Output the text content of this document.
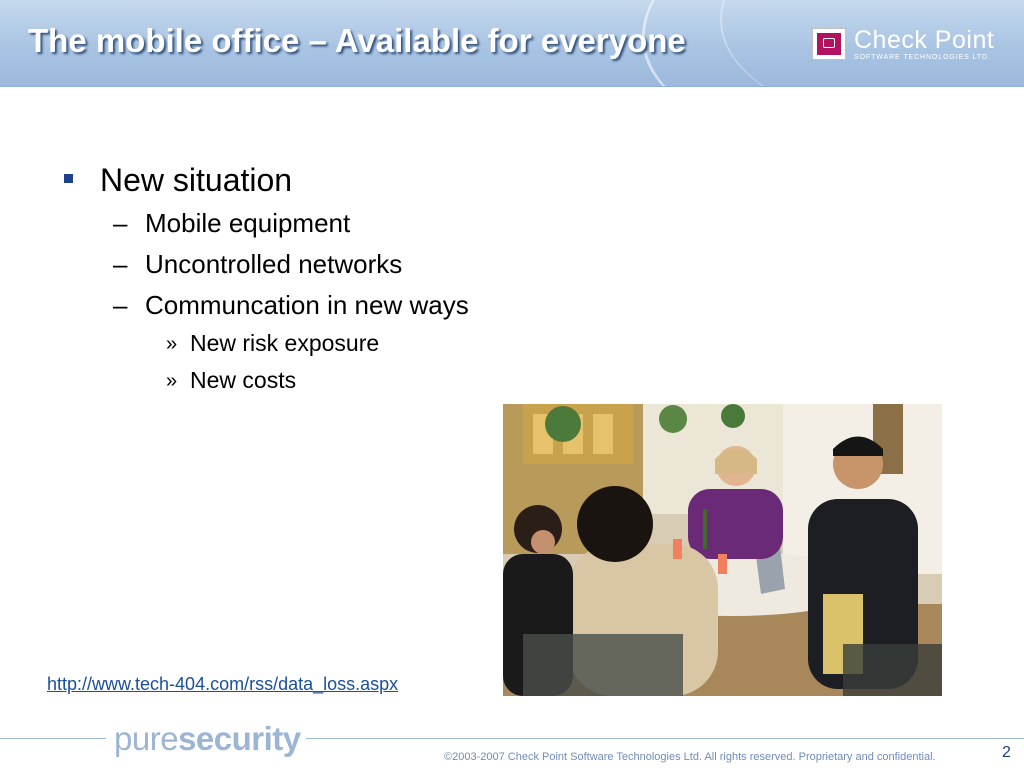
The mobile office – Available for everyone	Check Point
SOFTWARE TECHNOLOGIES LTD.
New situation
– Mobile equipment
– Uncontrolled networks
– Communcation in new ways
» New risk exposure
» New costs
http://www.tech-404.com/rss/data_loss.aspx
puresecurity	©2003-2007 Check Point Software Technologies Ltd. All rights reserved. Proprietary and confidential.	2
